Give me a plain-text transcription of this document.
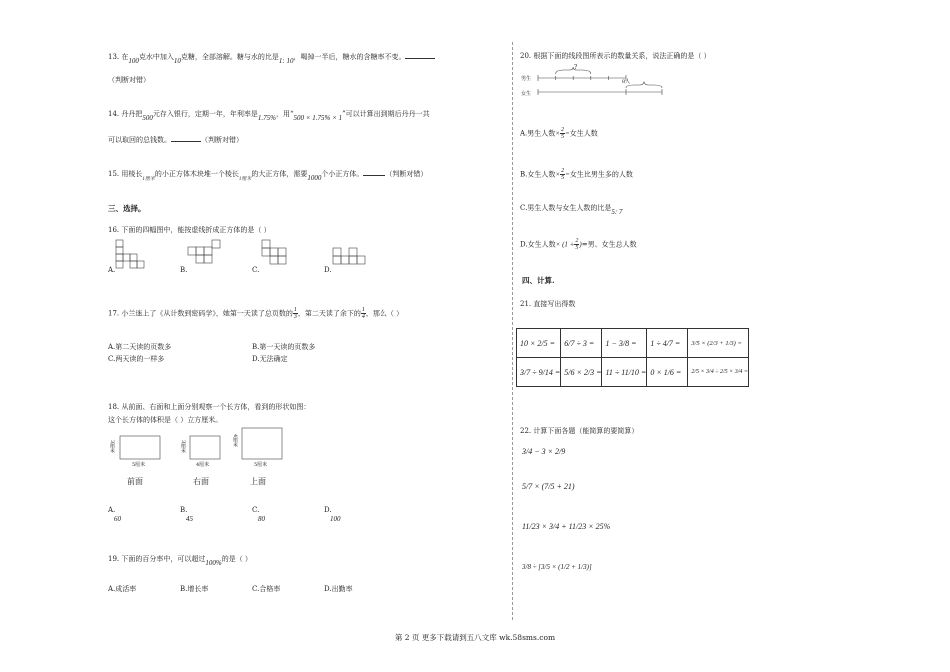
13. 在100克水中加入10克糖，全部溶解。糖与水的比是1: 10，喝掉一半后，糖水的含糖率不变。
（判断对错）
14. 丹丹把500元存入银行，定期一年，年利率是1.75%，用“500 × 1.75% × 1”可以计算出到期后丹丹一共
可以取回的总钱数。	（判断对错）
15. 用棱长$_{1厘米}$的小正方体木块堆一个棱长$_{1厘米}$的大正方体，需要1000个小正方体。	（判断对错）
三、选择。
16. 下面的四幅图中，能按虚线折成正方体的是（ ）
A.	B.	C.	D.
17. 小兰迷上了《从计数到密码学》，她第一天读了总页数的 $\frac{1}{3}$ ，第二天读了余下的 $\frac{1}{4}$ ，那么（ ）
A.第二天读的页数多	B.第一天读的页数多
C.两天读的一样多	D.无法确定
18. 从前面、右面和上面分别观察一个长方体，看到的形状如图：
这个长方体的体积是（ ）立方厘米。
3厘米
5厘米
前面
3厘米
4厘米
右面
4厘米
5厘米
上面
A.
60
B.
45
C.
80
D.
100
19. 下面的百分率中，可以超过100%的是（ ）
A.成活率	B.增长率	C.合格率	D.出勤率
20. 根据下面的线段图所表示的数量关系，说法正确的是（ ）
男生
女生
?
8人
A.男生人数× $\frac{2}{5}$ =女生人数
B.女生人数× $\frac{2}{5}$ =女生比男生多的人数
C.男生人数与女生人数的比是5: 7
D.女生人数× ($1 + \frac{2}{5}$ )=男、女生总人数
四、计算.
21. 直接写出得数
10 × 2/5 =	6/7 ÷ 3 =	1 − 3/8 =	1 ÷ 4/7 =	3/5 × (2/3 + 1/3) =
3/7 ÷ 9/14 =	5/6 × 2/3 =	11 ÷ 11/10 =	0 × 1/6 =	2/5 × 3/4 ÷ 2/5 × 3/4 =
22. 计算下面各题（能简算的要简算）
3/4 − 3 × 2/9
5/7 × (7/5 + 21)
11/23 × 3/4 + 11/23 × 25%
3/8 ÷ [3/5 × (1/2 + 1/3)]
第 2 页 更多下载请到五八文库 wk.58sms.com
